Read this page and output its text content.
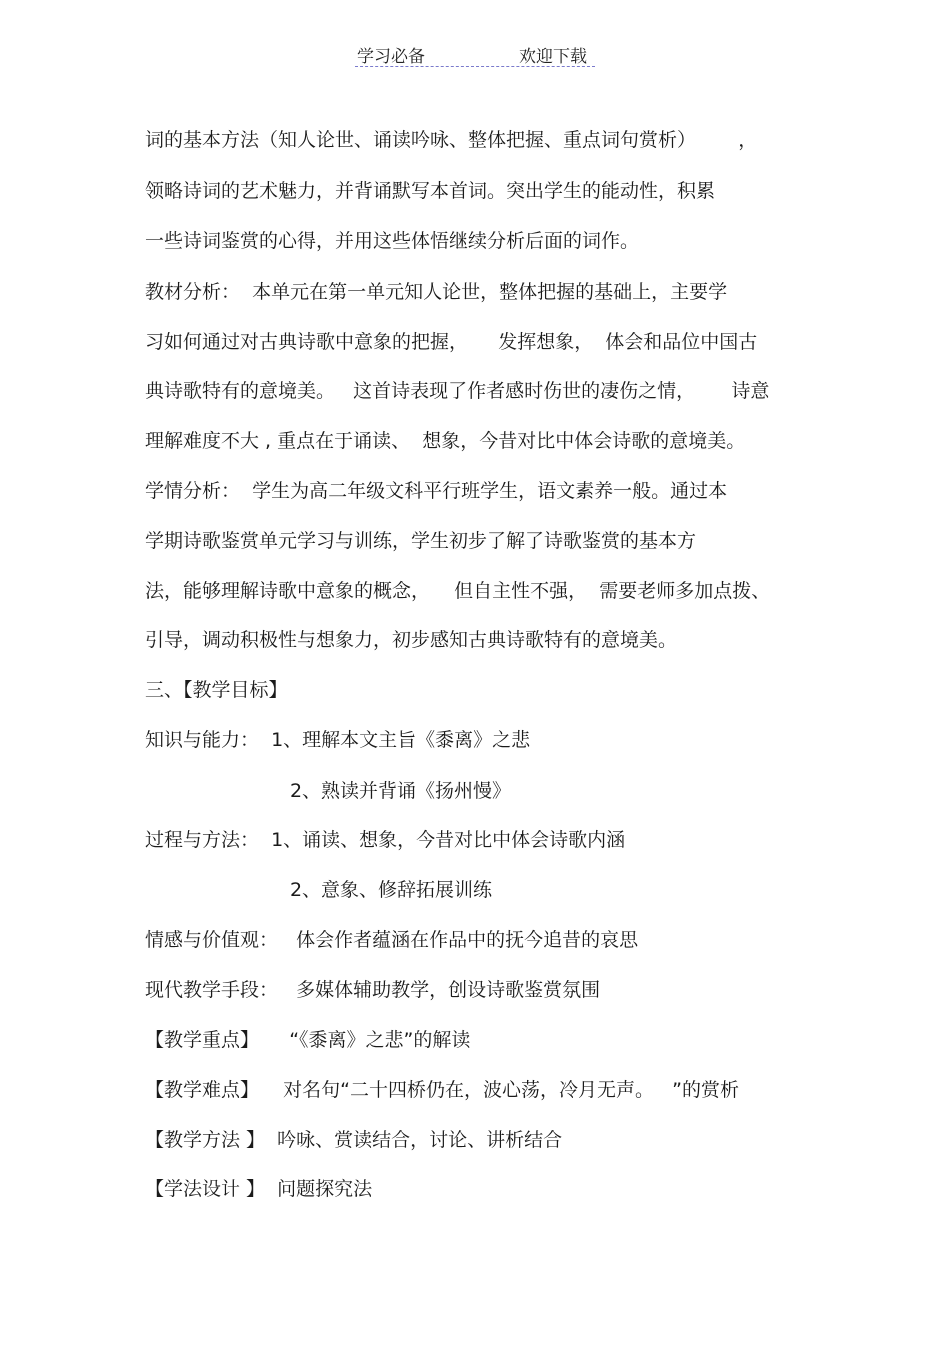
学习必备	欢迎下载
词的基本方法（知人论世、诵读吟咏、整体把握、重点词句赏析）       ，
领略诗词的艺术魅力，并背诵默写本首词。突出学生的能动性，积累
一些诗词鉴赏的心得，并用这些体悟继续分析后面的词作。
教材分析：  本单元在第一单元知人论世，整体把握的基础上，主要学
习如何通过对古典诗歌中意象的把握，     发挥想象，  体会和品位中国古
典诗歌特有的意境美。   这首诗表现了作者感时伤世的凄伤之情，      诗意
理解难度不大 , 重点在于诵读、  想象，今昔对比中体会诗歌的意境美。
学情分析：  学生为高二年级文科平行班学生，语文素养一般。通过本
学期诗歌鉴赏单元学习与训练，学生初步了解了诗歌鉴赏的基本方
法，能够理解诗歌中意象的概念，    但自主性不强，  需要老师多加点拨、
引导，调动积极性与想象力，初步感知古典诗歌特有的意境美。
三、【教学目标】
知识与能力：  1、理解本文主旨《黍离》之悲
2、熟读并背诵《扬州慢》
过程与方法：  1、诵读、想象，今昔对比中体会诗歌内涵
2、意象、修辞拓展训练
情感与价值观：   体会作者蕴涵在作品中的抚今追昔的哀思
现代教学手段：   多媒体辅助教学，创设诗歌鉴赏氛围
【教学重点】     “《黍离》之悲”的解读
【教学难点】    对名句“二十四桥仍在，波心荡，冷月无声。   ”的赏析
【教学方法 】  吟咏、赏读结合，讨论、讲析结合
【学法设计 】  问题探究法
